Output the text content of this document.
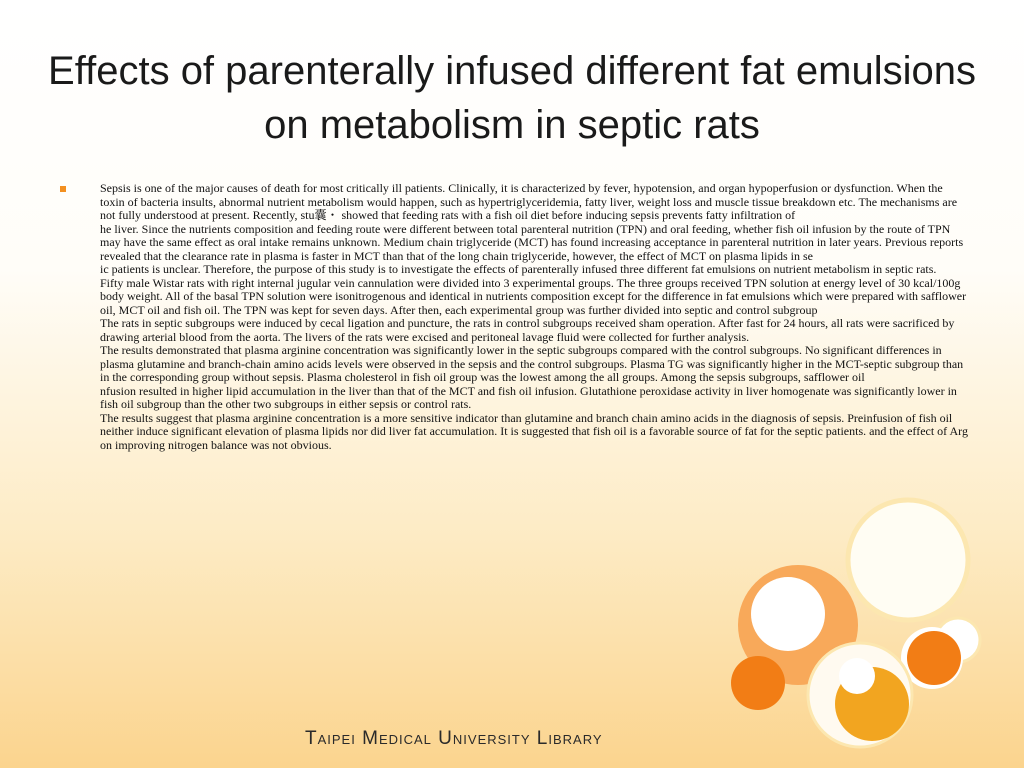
Effects of parenterally infused different fat emulsions on metabolism in septic rats
Sepsis is one of the major causes of death for most critically ill patients. Clinically, it is characterized by fever, hypotension, and organ hypoperfusion or dysfunction. When the toxin of bacteria insults, abnormal nutrient metabolism would happen, such as hypertriglyceridemia, fatty liver, weight loss and muscle tissue breakdown etc. The mechanisms are not fully understood at present. Recently, stu囊・ showed that feeding rats with a fish oil diet before inducing sepsis prevents fatty infiltration of
he liver. Since the nutrients composition and feeding route were different between total parenteral nutrition (TPN) and oral feeding, whether fish oil infusion by the route of TPN may have the same effect as oral intake remains unknown. Medium chain triglyceride (MCT) has found increasing acceptance in parenteral nutrition in later years. Previous reports revealed that the clearance rate in plasma is faster in MCT than that of the long chain triglyceride, however, the effect of MCT on plasma lipids in se
ic patients is unclear. Therefore, the purpose of this study is to investigate the effects of parenterally infused three different fat emulsions on nutrient metabolism in septic rats.
Fifty male Wistar rats with right internal jugular vein cannulation were divided into 3 experimental groups. The three groups received TPN solution at energy level of 30 kcal/100g body weight. All of the basal TPN solution were isonitrogenous and identical in nutrients composition except for the difference in fat emulsions which were prepared with safflower oil, MCT oil and fish oil. The TPN was kept for seven days. After then, each experimental group was further divided into septic and control subgroup
The rats in septic subgroups were induced by cecal ligation and puncture, the rats in control subgroups received sham operation. After fast for 24 hours, all rats were sacrificed by drawing arterial blood from the aorta. The livers of the rats were excised and peritoneal lavage fluid were collected for further analysis.
The results demonstrated that plasma arginine concentration was significantly lower in the septic subgroups compared with the control subgroups. No significant differences in plasma glutamine and branch-chain amino acids levels were observed in the sepsis and the control subgroups. Plasma TG was significantly higher in the MCT-septic subgroup than in the corresponding group without sepsis. Plasma cholesterol in fish oil group was the lowest among the all groups. Among the sepsis subgroups, safflower oil
nfusion resulted in higher lipid accumulation in the liver than that of the MCT and fish oil infusion. Glutathione peroxidase activity in liver homogenate was significantly lower in fish oil subgroup than the other two subgroups in either sepsis or control rats.
The results suggest that plasma arginine concentration is a more sensitive indicator than glutamine and branch chain amino acids in the diagnosis of sepsis. Preinfusion of fish oil neither induce significant elevation of plasma lipids nor did liver fat accumulation. It is suggested that fish oil is a favorable source of fat for the septic patients. and the effect of Arg on improving nitrogen balance was not obvious.
Taipei Medical University Library
